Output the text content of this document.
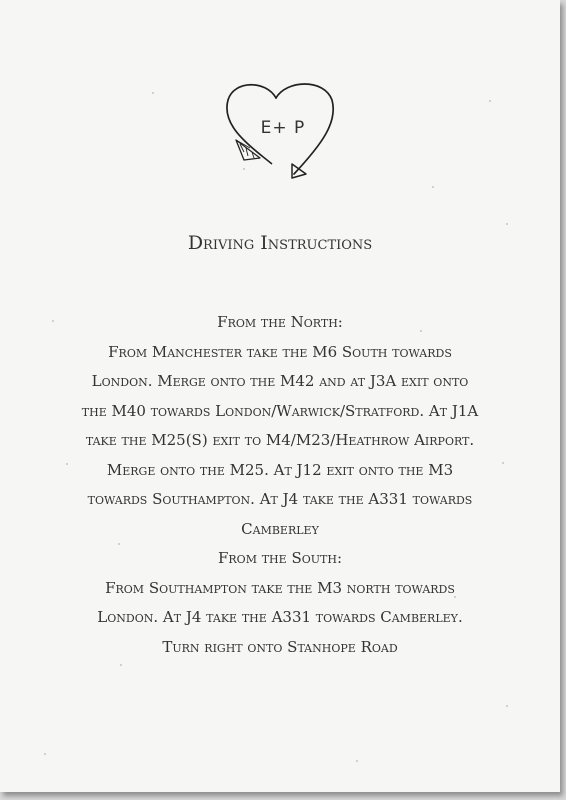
E+ P
Driving Instructions
From the North:
From Manchester take the M6 South towards
London. Merge onto the M42 and at J3A exit onto
the M40 towards London/Warwick/Stratford. At J1A
take the M25(S) exit to M4/M23/Heathrow Airport.
Merge onto the M25. At J12 exit onto the M3
towards Southampton. At J4 take the A331 towards
Camberley
From the South:
From Southampton take the M3 north towards
London. At J4 take the A331 towards Camberley.
Turn right onto Stanhope Road
